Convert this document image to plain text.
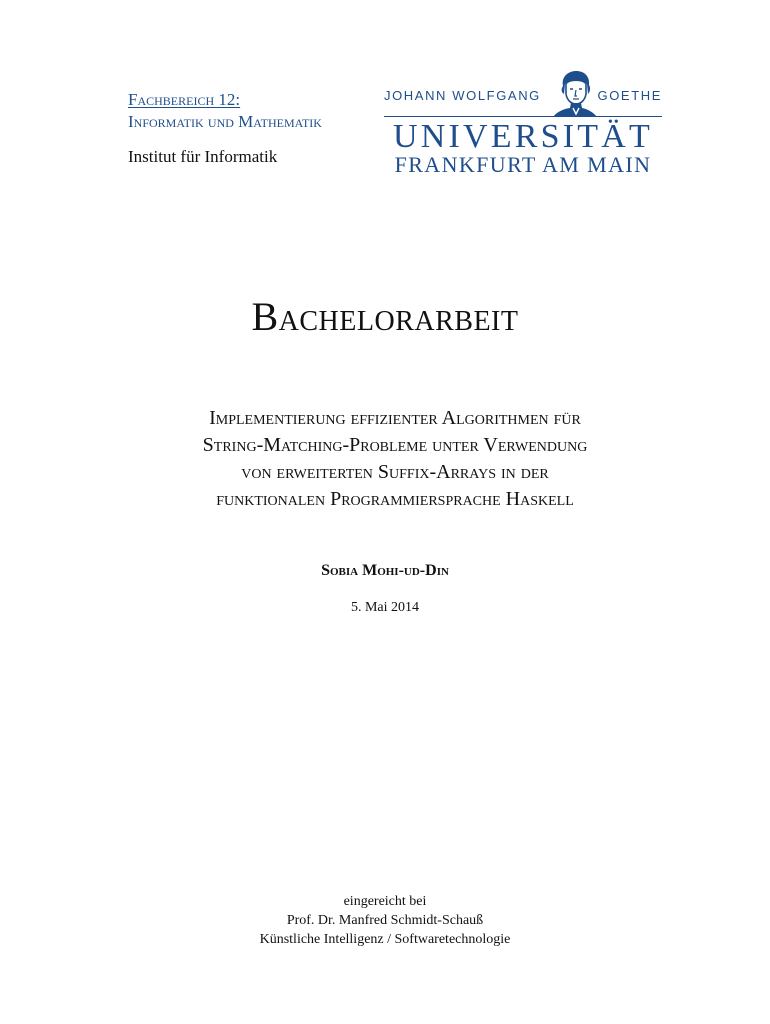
Fachbereich 12:
Informatik und Mathematik
Institut für Informatik
JOHANN WOLFGANG	GOETHE
UNIVERSITÄT
FRANKFURT AM MAIN
Bachelorarbeit
Implementierung effizienter Algorithmen für
String-Matching-Probleme unter Verwendung
von erweiterten Suffix-Arrays in der
funktionalen Programmiersprache Haskell
Sobia Mohi-ud-Din
5. Mai 2014
eingereicht bei
Prof. Dr. Manfred Schmidt-Schauß
Künstliche Intelligenz / Softwaretechnologie
